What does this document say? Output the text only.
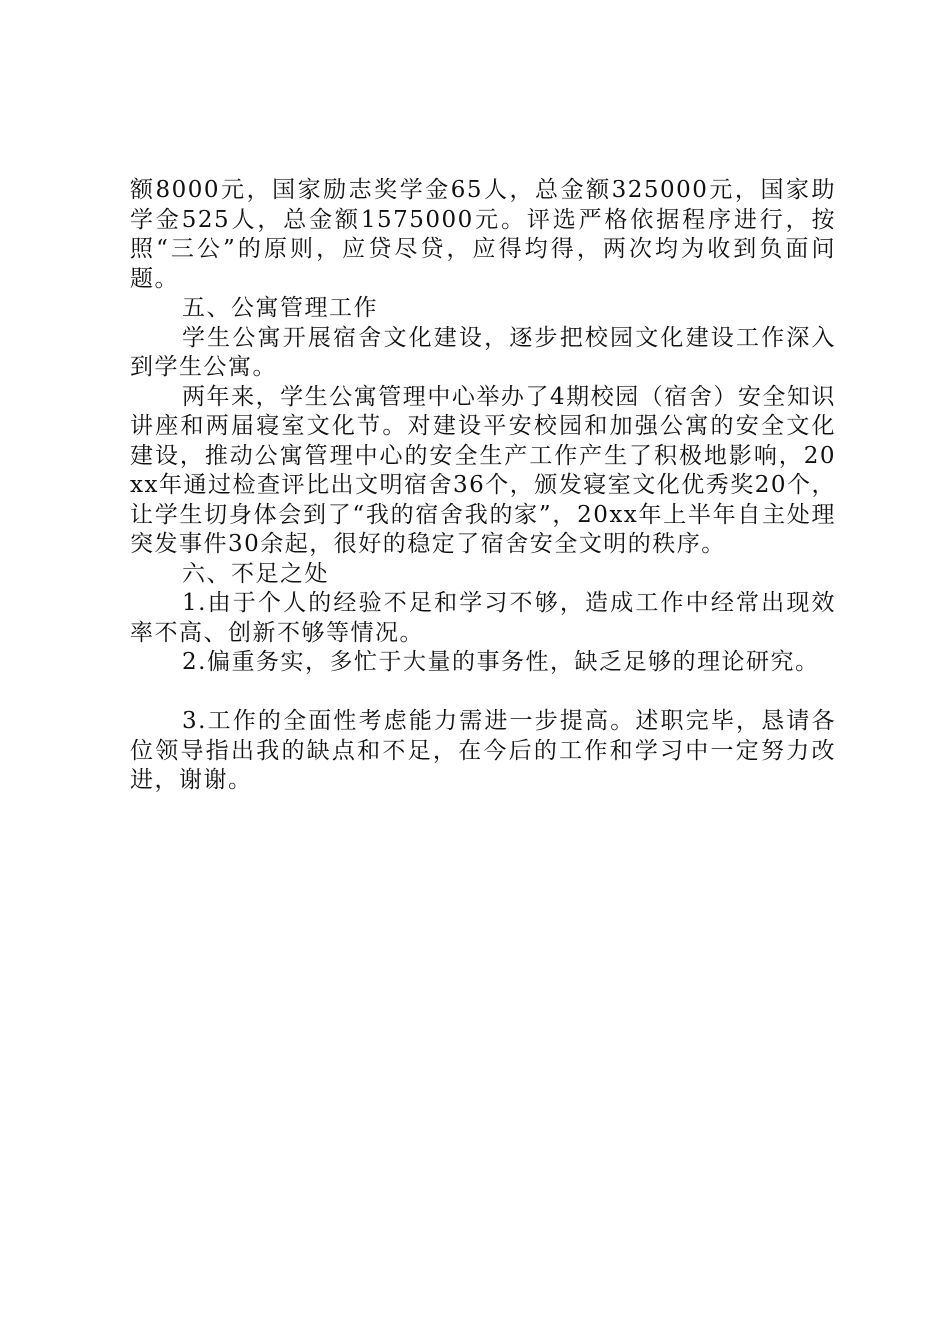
额8000元，国家励志奖学金65人，总金额325000元，国家助学金525人，总金额1575000元。评选严格依据程序进行，按照“三公”的原则，应贷尽贷，应得均得，两次均为收到负面问题。

五、公寓管理工作

学生公寓开展宿舍文化建设，逐步把校园文化建设工作深入到学生公寓。

两年来，学生公寓管理中心举办了4期校园（宿舍）安全知识讲座和两届寝室文化节。对建设平安校园和加强公寓的安全文化建设，推动公寓管理中心的安全生产工作产生了积极地影响，20xx年通过检查评比出文明宿舍36个，颁发寝室文化优秀奖20个，让学生切身体会到了“我的宿舍我的家”，20xx年上半年自主处理突发事件30余起，很好的稳定了宿舍安全文明的秩序。

六、不足之处

1.由于个人的经验不足和学习不够，造成工作中经常出现效率不高、创新不够等情况。

2.偏重务实，多忙于大量的事务性，缺乏足够的理论研究。

3.工作的全面性考虑能力需进一步提高。述职完毕，恳请各位领导指出我的缺点和不足，在今后的工作和学习中一定努力改进，谢谢。
